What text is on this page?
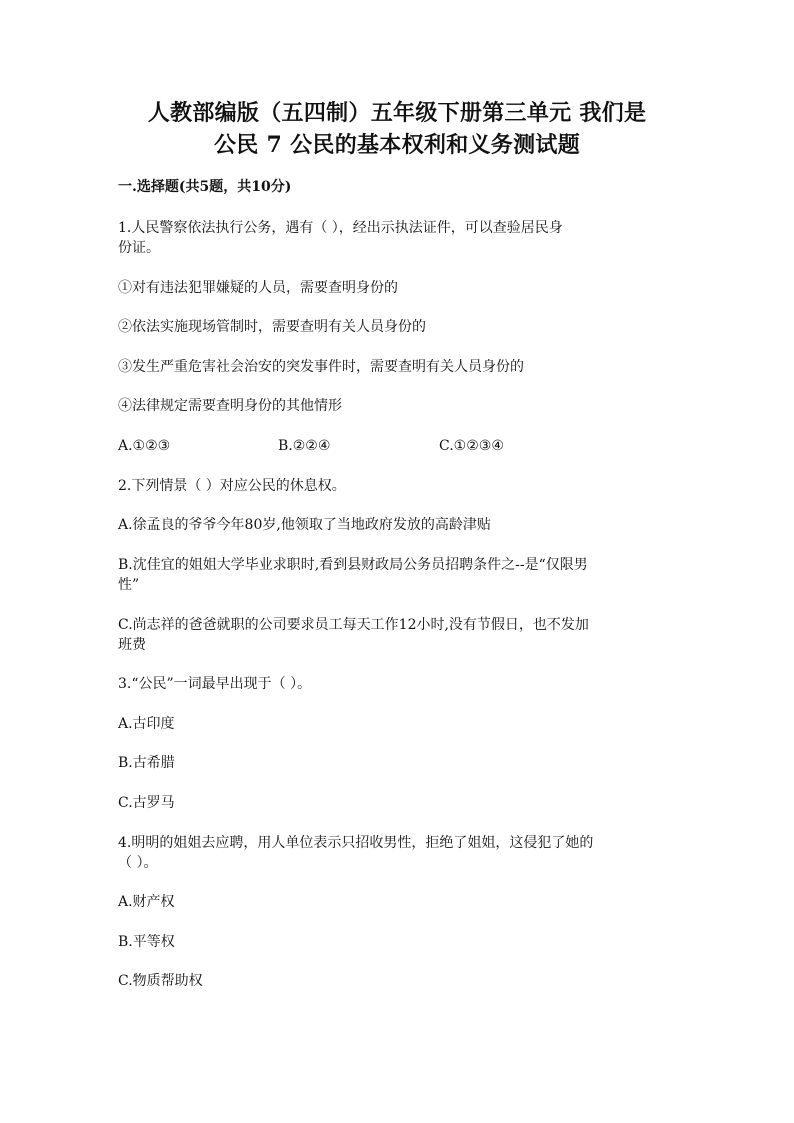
人教部编版（五四制）五年级下册第三单元 我们是
公民 7 公民的基本权利和义务测试题
一.选择题(共5题，共10分)
1.人民警察依法执行公务，遇有（ ），经出示执法证件，可以查验居民身
份证。
①对有违法犯罪嫌疑的人员，需要查明身份的
②依法实施现场管制时，需要查明有关人员身份的
③发生严重危害社会治安的突发事件时，需要查明有关人员身份的
④法律规定需要查明身份的其他情形
A.①②③	B.②②④	C.①②③④
2.下列情景（ ）对应公民的休息权。
A.徐孟良的爷爷今年80岁,他领取了当地政府发放的高龄津贴
B.沈佳宜的姐姐大学毕业求职时,看到县财政局公务员招聘条件之--是“仅限男
性”
C.尚志祥的爸爸就职的公司要求员工每天工作12小时,没有节假日，也不发加
班费
3.“公民”一词最早出现于（ ）。
A.古印度
B.古希腊
C.古罗马
4.明明的姐姐去应聘，用人单位表示只招收男性，拒绝了姐姐，这侵犯了她的
（ ）。
A.财产权
B.平等权
C.物质帮助权
